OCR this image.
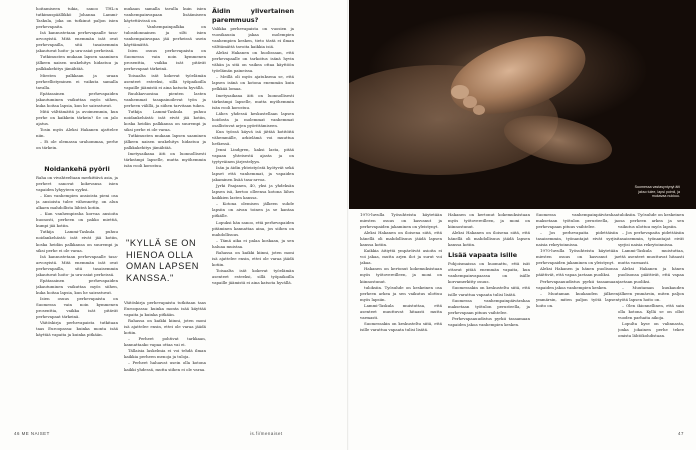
hoitamiseen tukia, sanoo THL:n tutkimuspäällikkö Johanna Lammi-Taskula, joka on tutkinut paljon isien perhevapaita.

Isä kannustetaan perhevapaalle tasa-arvosyistä. Mitä enemmän isät ovat perhevapailla, sitä tasaisemmin jakautuvat hoito- ja ura-asiat perheissä.

Tutkimusten mukaan lapsen saaminen jälkeen naisen urakehitys hidastuu ja palkkakehitys jämähtää.

Miesten palkkaan ja uraan perheellistyminen ei vaikuta samalla tavalla.

Epätasainen perhevapaiden jakautuminen vaikuttaa myös siihen, kuka hoitaa lapsia, kun he sairastuvat.

Mitä välttämättä ja avoimemmin, kun perhe on kaikkein tärkein? Se on jalo ajatus.

Tosin myös Aleksi Hakanen ajattelee niin.

– Ei ole olemassa urahommaa, perhe on tärkein.

Noidankehä pyörii

Raha on vivahteeltaan merkittävä asia, ja perheet sanovat kokevansa isien vapaiden lyhyyteen syyksi.

– Kun vanhempien ansioista pieni osa ja ansioista tulee vähennetty, on alun alkaen mahdollista lähteä kotiin.

– Kun vanhempiraha korvaa ansioita huonosti, perheen on pakko miettiä, kumpi jää kotiin.

Tutkija Lammi-Taskula puhuu noidankehästä: isät eivät jää kotiin, koska heidän palkkansa on suurempi ja siksi perhe ei ole varaa.

Isä kannustetaan perhevapaalle tasa-arvosyistä. Mitä enemmän isät ovat perhevapailla, sitä tasaisemmin jakautuvat hoito- ja ura-asiat perheissä.

Epätasainen perhevapaiden jakautuminen vaikuttaa myös siihen, kuka hoitaa lapsia, kun he sairastuvat.

Isien osuus perhevapaista on Suomessa vain noin kymmenen prosenttia, vaikka isät pitävät perhevapaat tärkeinä.

Väitöskirja perhevapaista tutkitaan taas Euroopassa: kuinka monta isää käyttää vapaita ja kuinka pitkään.

mukaan samalla tavalla kuin isien vanhempainvapaan lisäämiseen käytettävissä on.

– Vanhempainpalkka on tulosidonnainen ja silti isien vanhempainvapaa jää perheissä usein käyttämättä.

Isien osuus perhevapaista on Suomessa vain noin kymmenen prosenttia, vaikka isät pitävät perhevapaat tärkeinä.

Toisaalta isät kokevat työelämän asenteet esteeksi, sillä työpaikoilla vapaille jäämistä ei aina katsota hyvällä.

Ruuhkavuosina pienten lasten vanhemmat tasapainoilevat työn ja perheen välillä, ja siihen tarvitaan tukea.

Tutkija Lammi-Taskula puhuu noidankehästä: isät eivät jää kotiin, koska heidän palkkansa on suurempi ja siksi perhe ei ole varaa.

Tutkimusten mukaan lapsen saaminen jälkeen naisen urakehitys hidastuu ja palkkakehitys jämähtää.

Imetysaikana äiti on luonnollisesti tärkeämpi lapselle, mutta myöhemmin isän rooli korostuu.

"KYLLÄ SE ON HIENOA OLLA OMAN LAPSEN KANSSA."

Väitöskirja perhevapaista tutkitaan taas Euroopassa: kuinka monta isää käyttää vapaita ja kuinka pitkään.

Rahassa on kaikki kiinni, joten moni isä ajattelee ensin, ettei ole varaa jäädä kotiin.

– Perheet pohtivat tarkkaan, kannattaako vapaa ottaa vai ei.

Tällaisia laskelmia ei voi tehdä ilman kaikkia perheen menoja ja tuloja.

– Perheet haluavat usein olla kotona kaikki yhdessä, mutta siihen ei ole varaa.

Äidin ylivertainen paremmuus?

Valikka perhevapaista on vuosien ja vuosikausia jakaa molempien vanhempien kesken, tieto tästä ei ilman välttämättä tavoita kaikkia isiä.

Aleksi Hakanen on huolissaan, että perhevapaalle on tarkoitus isänä hyvin vähän ja sitä on vaikea ottaa käyttöön työelämän paineissa.

– Meillä oli myös ajatuksena se, että lapsen isänä on kotona enemmän kuin pelkkää lomaa.

Imetysaikana äiti on luonnollisesti tärkeämpi lapselle, mutta myöhemmin isän rooli korostuu.

Lähes yhdessä keskustellaan lapsen hoidosta ja molemmat vanhemmat osallistuvat arjen pyörittämiseen.

Kun työssä käyvä isä jättää kotitöitä vähemmälle, arkielämä voi muuttua hetkessä.

Jenni Lindgren, kaksi lasta, pitää vapaan yhteisestä ajasta ja on tyytyväinen järjestelyyn.

Isän ja äidin yhteistyöstä hyötyvät sekä lapset että vanhemmat, ja vapaiden jakaminen lisää tasa-arvoa.

Jyrki Paajanen, 40, yksi ja yhdeksän lapsen isä, kertoo olleensa kotona lähes kaikkien lasten kanssa.

– Kotona olemisen jälkeen suhde lapsiin on aivan toinen ja se kantaa pitkälle.

Lopuksi hän sanoo, että perhevapaiden pitäminen kannattaa aina, jos siihen on mahdollisuus.

– Tämä aika ei palaa koskaan, ja sen haluaa muistaa.

Rahassa on kaikki kiinni, joten moni isä ajattelee ensin, ettei ole varaa jäädä kotiin.

Toisaalta isät kokevat työelämän asenteet esteeksi, sillä työpaikoilla vapaille jäämistä ei aina katsota hyvällä.

46 ME NAISET	is.fi/menaiset

1970-luvulla Työsuhteista käytetään miesten osuus on kasvanut ja perhevapaiden jakaminen on yleistynyt.

Aleksi Hakanen on iloisena siitä, että hänellä oli mahdollisuus jäädä lapsen kanssa kotiin.

Kaikkia äitiyttä ympäröivät asioita ei voi jakaa, mutta arjen ilot ja surut voi jakaa.

Hakanen on kertonut kokemuksistaan myös työtovereilleen, ja moni on kiinnostunut.

tuloksiin. Työsuhde on keskeinen osa perheen arkea ja sen vaikutus ulottuu myös lapsiin.

Lammi-Taskula muistuttaa, että asenteet muuttuvat hitaasti mutta varmasti.

Suomessakin on keskusteltu siitä, että isille varattua vapaata tulisi lisätä.

Hakanen on kertonut kokemuksistaan myös työtovereilleen, ja moni on kiinnostunut.

Aleksi Hakanen on iloisena siitä, että hänellä oli mahdollisuus jäädä lapsen kanssa kotiin.

Lisää vapaata isille

Pohjoismaissa on huomattu, että isät ottavat pitää enemmän vapaita, kun vanhempainvapaassa on isälle korvamerkitty osuus.

Suomessakin on keskusteltu siitä, että isille varattua vapaata tulisi lisätä.

Suomessa vanhempainpäivärahaa maksetaan työtulon perusteella, ja perhevapaan pituus vaihtelee.

Perhevapaauudistus pyrkii tasaamaan vapaiden jakoa vanhempien kesken.

Suomessa vanhempainpäivärahaa maksetaan työtulon perusteella, ja perhevapaan pituus vaihtelee.

– Jos perhevapaita pidettäisiin tasaisemmin, työnantajat eivät syrjisi naisia rekrytoinnissa.

1970-luvulla Työsuhteista käytetään miesten osuus on kasvanut ja perhevapaiden jakaminen on yleistynyt.

Aleksi Hakanen ja hänen puolisonsa päättivät, että vapaa jaetaan puoliksi.

Perhevapaauudistus pyrkii tasaamaan vapaiden jakoa vanhempien kesken.

– Muutaman kuukauden jälkeen ymmärsin, miten paljon työtä lapsen hoito on.

tuloksiin. Työsuhde on keskeinen osa perheen arkea ja sen vaikutus ulottuu myös lapsiin.

– Jos perhevapaita pidettäisiin tasaisemmin, työnantajat eivät syrjisi naisia rekrytoinnissa.

Lammi-Taskula muistuttaa, että asenteet muuttuvat hitaasti mutta varmasti.

Aleksi Hakanen ja hänen puolisonsa päättivät, että vapaa jaetaan puoliksi.

– Muutaman kuukauden jälkeen ymmärsin, miten paljon työtä lapsen hoito on.

– Olen ikionnellinen, että sain olla kotona. Kyllä se on ollut vuoden parhaita aikoja.

Lopulta kyse on valinnasta, jonka jokainen perhe tekee omista lähtökohdistaan.

47
Suomessa vastasyntynyt äiti jakso tulee, lapsi poimii, ja mukavaa nukkuu.
